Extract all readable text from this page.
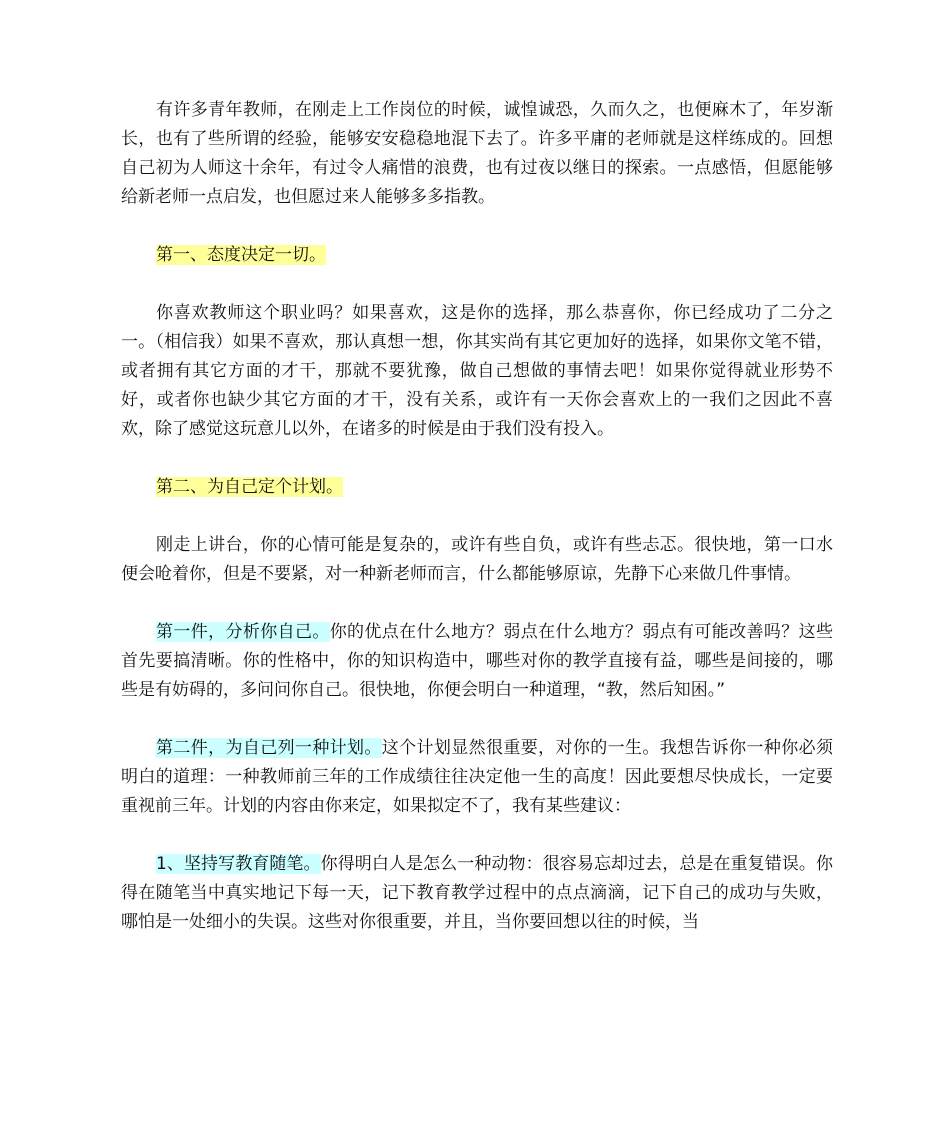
有许多青年教师，在刚走上工作岗位的时候，诚惶诚恐，久而久之，也便麻木了，年岁渐长，也有了些所谓的经验，能够安安稳稳地混下去了。许多平庸的老师就是这样练成的。回想自己初为人师这十余年，有过令人痛惜的浪费，也有过夜以继日的探索。一点感悟，但愿能够给新老师一点启发，也但愿过来人能够多多指教。

第一、态度决定一切。

你喜欢教师这个职业吗？如果喜欢，这是你的选择，那么恭喜你，你已经成功了二分之一。（相信我）如果不喜欢，那认真想一想，你其实尚有其它更加好的选择，如果你文笔不错，或者拥有其它方面的才干，那就不要犹豫，做自己想做的事情去吧！如果你觉得就业形势不好，或者你也缺少其它方面的才干，没有关系，或许有一天你会喜欢上的一我们之因此不喜欢，除了感觉这玩意儿以外，在诸多的时候是由于我们没有投入。

第二、为自己定个计划。

刚走上讲台，你的心情可能是复杂的，或许有些自负，或许有些忐忑。很快地，第一口水便会呛着你，但是不要紧，对一种新老师而言，什么都能够原谅，先静下心来做几件事情。

第一件，分析你自己。你的优点在什么地方？弱点在什么地方？弱点有可能改善吗？这些首先要搞清晰。你的性格中，你的知识构造中，哪些对你的教学直接有益，哪些是间接的，哪些是有妨碍的，多问问你自己。很快地，你便会明白一种道理，“教，然后知困。”

第二件，为自己列一种计划。这个计划显然很重要，对你的一生。我想告诉你一种你必须明白的道理：一种教师前三年的工作成绩往往决定他一生的高度！因此要想尽快成长，一定要重视前三年。计划的内容由你来定，如果拟定不了，我有某些建议：

1、坚持写教育随笔。你得明白人是怎么一种动物：很容易忘却过去，总是在重复错误。你得在随笔当中真实地记下每一天，记下教育教学过程中的点点滴滴，记下自己的成功与失败，哪怕是一处细小的失误。这些对你很重要，并且，当你要回想以往的时候，当
